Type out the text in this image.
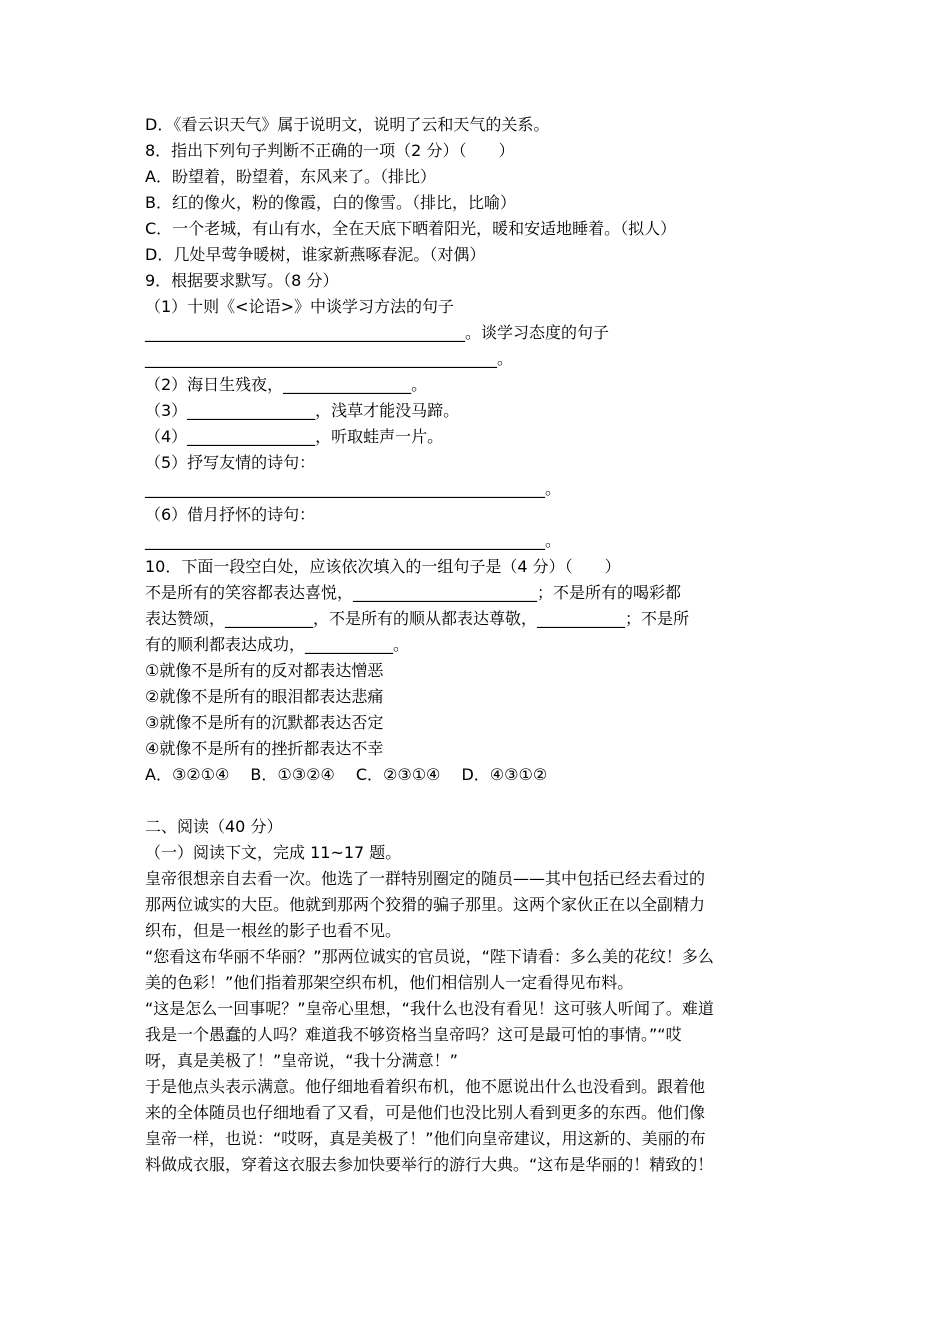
D．《看云识天气》属于说明文，说明了云和天气的关系。
8．指出下列句子判断不正确的一项（2 分）（　　）
A．盼望着，盼望着，东风来了。（排比）
B．红的像火，粉的像霞，白的像雪。（排比，比喻）
C．一个老城，有山有水，全在天底下晒着阳光，暖和安适地睡着。（拟人）
D．几处早莺争暖树，谁家新燕啄春泥。（对偶）
9．根据要求默写。（8 分）
（1）十则《<论语>》中谈学习方法的句子
________________________________________。谈学习态度的句子
____________________________________________。
（2）海日生残夜，________________。
（3）________________，浅草才能没马蹄。
（4）________________，听取蛙声一片。
（5）抒写友情的诗句：
__________________________________________________。
（6）借月抒怀的诗句：
__________________________________________________。
10．下面一段空白处，应该依次填入的一组句子是（4 分）（　　）
不是所有的笑容都表达喜悦，_______________________；不是所有的喝彩都
表达赞颂，___________，不是所有的顺从都表达尊敬，___________；不是所
有的顺利都表达成功，___________。
①就像不是所有的反对都表达憎恶
②就像不是所有的眼泪都表达悲痛
③就像不是所有的沉默都表达否定
④就像不是所有的挫折都表达不幸
A．③②①④　 B．①③②④　 C．②③①④　 D．④③①②
二、阅读（40 分）
（一）阅读下文，完成 11~17 题。
皇帝很想亲自去看一次。他选了一群特别圈定的随员——其中包括已经去看过的
那两位诚实的大臣。他就到那两个狡猾的骗子那里。这两个家伙正在以全副精力
织布，但是一根丝的影子也看不见。
“您看这布华丽不华丽？”那两位诚实的官员说，“陛下请看：多么美的花纹！多么
美的色彩！”他们指着那架空织布机，他们相信别人一定看得见布料。
“这是怎么一回事呢？”皇帝心里想，“我什么也没有看见！这可骇人听闻了。难道
我是一个愚蠢的人吗？难道我不够资格当皇帝吗？这可是最可怕的事情。”“哎
呀，真是美极了！”皇帝说，“我十分满意！”
于是他点头表示满意。他仔细地看着织布机，他不愿说出什么也没看到。跟着他
来的全体随员也仔细地看了又看，可是他们也没比别人看到更多的东西。他们像
皇帝一样，也说：“哎呀，真是美极了！”他们向皇帝建议，用这新的、美丽的布
料做成衣服，穿着这衣服去参加快要举行的游行大典。“这布是华丽的！精致的！
